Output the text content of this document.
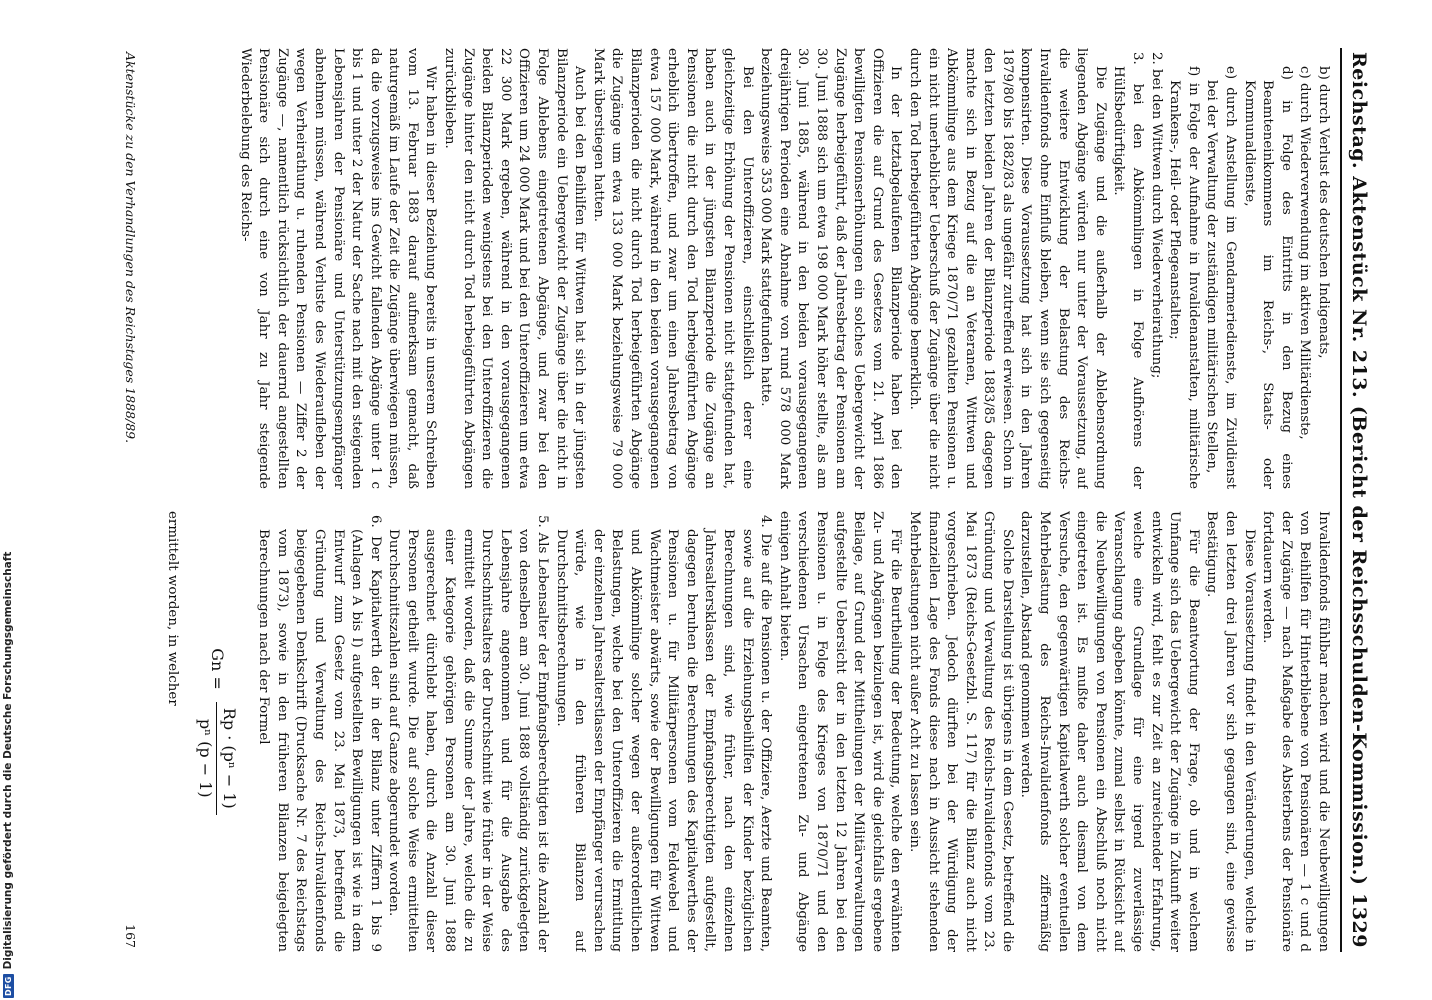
Reichstag. Aktenstück Nr. 213.
(Bericht der Reichsschulden-Kommission.)
1329

b) durch Verlust des deutschen Indigenats,

c) durch Wiederverwendung im aktiven Militärdienste,

d) in Folge des Eintritts in den Bezug eines Beamteneinkommens im Reichs-, Staats- oder Kommunaldienste,

e) durch Anstellung im Gendarmeriedienste, im Zivildienst bei der Verwaltung der zuständigen militärischen Stellen,

f) in Folge der Aufnahme in Invalidenanstalten, militärische Krankens-, Heil- oder Pflegeanstalten;

2. bei den Wittwen durch Wiederverheirathung;

3. bei den Abkömmlingen in Folge Aufhörens der Hülfsbedürftigkeit.

Die Zugänge und die außerhalb der Ablebensordnung liegenden Abgänge würden nur unter der Voraussetzung, auf die weitere Entwicklung der Belastung des Reichs-Invalidenfonds ohne Einfluß bleiben, wenn sie sich gegenseitig kompensirten. Diese Voraussetzung hat sich in den Jahren 1879/80 bis 1882/83 als ungefähr zutreffend erwiesen. Schon in den letzten beiden Jahren der Bilanzperiode 1883/85 dagegen machte sich in Bezug auf die an Veteranen, Wittwen und Abkömmlinge aus dem Kriege 1870/71 gezahlten Pensionen u. ein nicht unerheblicher Ueberschuß der Zugänge über die nicht durch den Tod herbeigeführten Abgänge bemerklich.

In der letztabgelaufenen Bilanzperiode haben bei den Offizieren die auf Grund des Gesetzes vom 21. April 1886 bewilligten Pensionserhöhungen ein solches Uebergewicht der Zugänge herbeigeführt, daß der Jahresbetrag der Pensionen am 30. Juni 1888 sich um etwa 198 000 Mark höher stellte, als am 30. Juni 1885, während in den beiden vorausgegangenen dreijährigen Perioden eine Abnahme von rund 578 000 Mark beziehungsweise 353 000 Mark stattgefunden hatte.

Bei den Unteroffizieren, einschließlich derer eine gleichzeitige Erhöhung der Pensionen nicht stattgefunden hat, haben auch in der jüngsten Bilanzperiode die Zugänge an Pensionen die nicht durch den Tod herbeigeführten Abgänge erheblich übertroffen, und zwar um einen Jahresbetrag von etwa 157 000 Mark, während in den beiden vorausgegangenen Bilanzperioden die nicht durch Tod herbeigeführten Abgänge die Zugänge um etwa 133 000 Mark beziehungsweise 79 000 Mark überstiegen hatten.

Auch bei den Beihilfen für Wittwen hat sich in der jüngsten Bilanzperiode ein Uebergewicht der Zugänge über die nicht in Folge Ablebens eingetretenen Abgänge, und zwar bei den Offizieren um 24 000 Mark und bei den Unteroffizieren um etwa 22 300 Mark ergeben, während in den vorausgegangenen beiden Bilanzperioden wenigstens bei den Unteroffizieren die Zugänge hinter den nicht durch Tod herbeigeführten Abgängen zurückblieben.

Wir haben in dieser Beziehung bereits in unserem Schreiben vom 13. Februar 1883 darauf aufmerksam gemacht, daß naturgemäß im Laufe der Zeit die Zugänge überwiegen müssen, da die vorzugsweise ins Gewicht fallenden Abgänge unter 1 c bis 1 und unter 2 der Natur der Sache nach mit den steigenden Lebensjahren der Pensionäre und Unterstützungsempfänger abnehmen müssen, während Verluste des Wiederaufleben der wegen Verheirathung u. ruhenden Pensionen — Ziffer 2 der Zugänge —, namentlich rücksichtlich der dauernd angestellten Pensionäre sich durch eine von Jahr zu Jahr steigende Wiederbelebung des Reichs-

Invalidenfonds fühlbar machen wird und die Neubewilligungen von Beihilfen für Hinterbliebene von Pensionären — 1 c und d der Zugänge — nach Maßgabe des Absterbens der Pensionäre fortdauern werden.

Diese Voraussetzung findet in den Veränderungen, welche in den letzten drei Jahren vor sich gegangen sind, eine gewisse Bestätigung.

Für die Beantwortung der Frage, ob und in welchem Umfange sich das Uebergewicht der Zugänge in Zukunft weiter entwickeln wird, fehlt es zur Zeit an zureichender Erfahrung, welche eine Grundlage für eine irgend zuverlässige Veranschlagung abgeben könnte, zumal selbst in Rücksicht auf die Neubewilligungen von Pensionen ein Abschluß noch nicht eingetreten ist. Es mußte daher auch diesmal von dem Versuche, den gegenwärtigen Kapitalwerth solcher eventuellen Mehrbelastung des Reichs-Invalidenfonds ziffermäßig darzustellen, Abstand genommen werden.

Solche Darstellung ist übrigens in dem Gesetz, betreffend die Gründung und Verwaltung des Reichs-Invalidenfonds vom 23. Mai 1873 (Reichs-Gesetzbl. S. 117) für die Bilanz auch nicht vorgeschrieben. Jedoch dürften bei der Würdigung der finanziellen Lage des Fonds diese nach in Aussicht stehenden Mehrbelastungen nicht außer Acht zu lassen sein.

Für die Beurtheilung der Bedeutung, welche den erwähnten Zu- und Abgängen beizulegen ist, wird die gleichfalls ergebene Beilage, auf Grund der Mittheilungen der Militärverwaltungen aufgestellte Uebersicht der in den letzten 12 Jahren bei den Pensionen u. in Folge des Krieges von 1870/71 und den verschiedenen Ursachen eingetretenen Zu- und Abgänge einigen Anhalt bieten.

4. Die auf die Pensionen u. der Offiziere, Aerzte und Beamten, sowie auf die Erziehungsbeihilfen der Kinder bezüglichen Berechnungen sind, wie früher, nach den einzelnen Jahresaltersklassen der Empfangsberechtigten aufgestellt, dagegen beruhen die Berechnungen des Kapitalwerthes der Pensionen u. für Militärpersonen vom Feldwebel und Wachtmeister abwärts, sowie der Bewilligungen für Wittwen und Abkömmlinge solcher wegen der außerordentlichen Belastungen, welche bei den Unteroffizieren die Ermittlung der einzelnen Jahresalterstlassen der Empfänger verursachen würde, wie in den früheren Bilanzen auf Durchschnittsberechnungen.

5. Als Lebensalter der Empfangsberechtigten ist die Anzahl der von denselben am 30. Juni 1888 vollständig zurückgelegten Lebensjahre angenommen und für die Ausgabe des Durchschnittsalters der Durchschnitt wie früher in der Weise ermittelt worden, daß die Summe der Jahre, welche die zu einer Kategorie gehörigen Personen am 30. Juni 1888 ausgerechnet dürchlebt haben, durch die Anzahl dieser Personen getheilt wurde. Die auf solche Weise ermittelten Durchschnittszahlen sind auf Ganze abgerundet worden.

6. Der Kapitalwerth der in der Bilanz unter Ziffern 1 bis 9 (Anlagen A bis I) aufgestellten Bewilligungen ist wie in dem Entwurf zum Gesetz vom 23. Mai 1873, betreffend die Gründung und Verwaltung des Reichs-Invalidenfonds beigegebenen Denkschrift (Drucksache Nr. 7 des Reichstags vom 1873), sowie in den früheren Bilanzen beigelegten Berechnungen nach der Formel

Gn =
Rp · (pⁿ − 1)
pⁿ (p − 1)

ermittelt worden, in welcher

Aktenstücke zu den Verhandlungen des Reichstages 1888/89.
167
DFG
Digitalisierung gefördert durch die Deutsche Forschungsgemeinschaft
